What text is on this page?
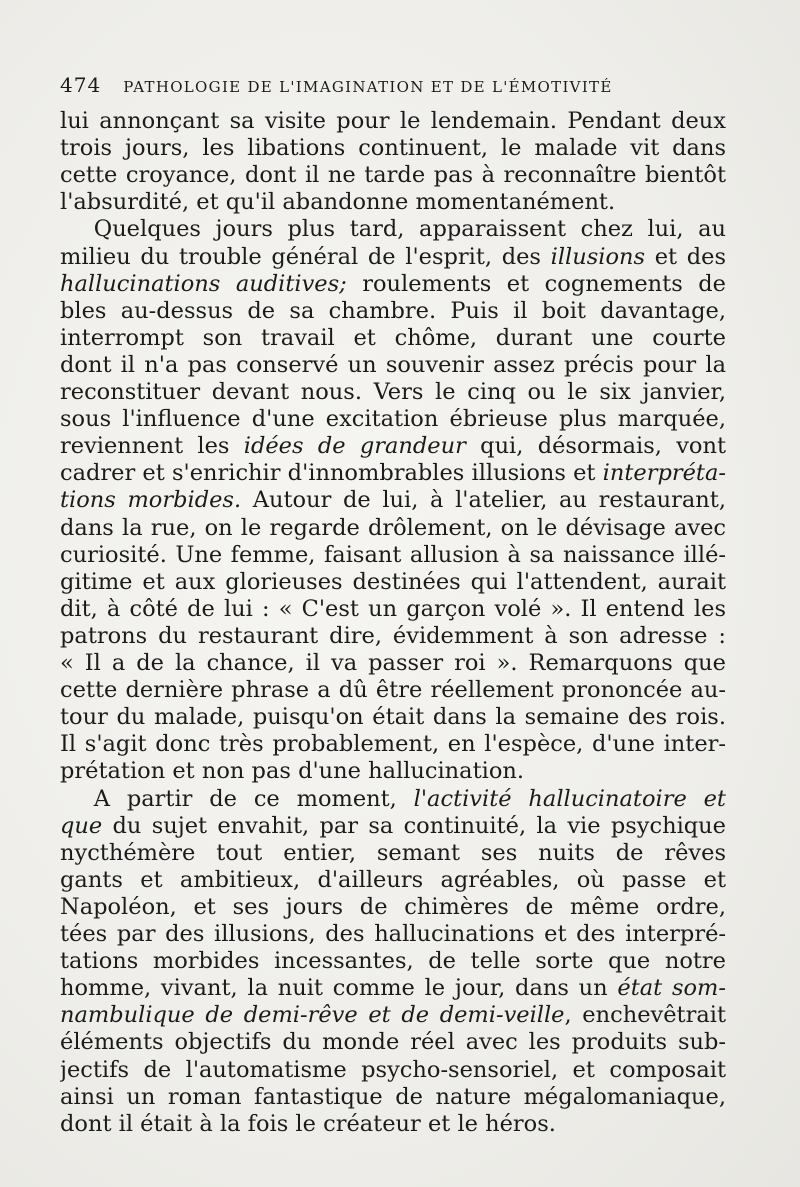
474 PATHOLOGIE DE L'IMAGINATION ET DE L'ÉMOTIVITÉ
lui annonçant sa visite pour le lendemain. Pendant deux
trois jours, les libations continuent, le malade vit dans
cette croyance, dont il ne tarde pas à reconnaître bientôt
l'absurdité, et qu'il abandonne momentanément.
  Quelques jours plus tard, apparaissent chez lui, au
milieu du trouble général de l'esprit, des illusions et des
hallucinations auditives; roulements et cognements de
bles au-dessus de sa chambre. Puis il boit davantage,
interrompt son travail et chôme, durant une courte
dont il n'a pas conservé un souvenir assez précis pour la
reconstituer devant nous. Vers le cinq ou le six janvier,
sous l'influence d'une excitation ébrieuse plus marquée,
reviennent les idées de grandeur qui, désormais, vont
cadrer et s'enrichir d'innombrables illusions et interpréta-
tions morbides. Autour de lui, à l'atelier, au restaurant,
dans la rue, on le regarde drôlement, on le dévisage avec
curiosité. Une femme, faisant allusion à sa naissance illé-
gitime et aux glorieuses destinées qui l'attendent, aurait
dit, à côté de lui : « C'est un garçon volé ». Il entend les
patrons du restaurant dire, évidemment à son adresse :
« Il a de la chance, il va passer roi ». Remarquons que
cette dernière phrase a dû être réellement prononcée au-
tour du malade, puisqu'on était dans la semaine des rois.
Il s'agit donc très probablement, en l'espèce, d'une inter-
prétation et non pas d'une hallucination.
  A partir de ce moment, l'activité hallucinatoire et
que du sujet envahit, par sa continuité, la vie psychique
nycthémère tout entier, semant ses nuits de rêves
gants et ambitieux, d'ailleurs agréables, où passe et
Napoléon, et ses jours de chimères de même ordre,
tées par des illusions, des hallucinations et des interpré-
tations morbides incessantes, de telle sorte que notre
homme, vivant, la nuit comme le jour, dans un état som-
nambulique de demi-rêve et de demi-veille, enchevêtrait
éléments objectifs du monde réel avec les produits sub-
jectifs de l'automatisme psycho-sensoriel, et composait
ainsi un roman fantastique de nature mégalomaniaque,
dont il était à la fois le créateur et le héros.
